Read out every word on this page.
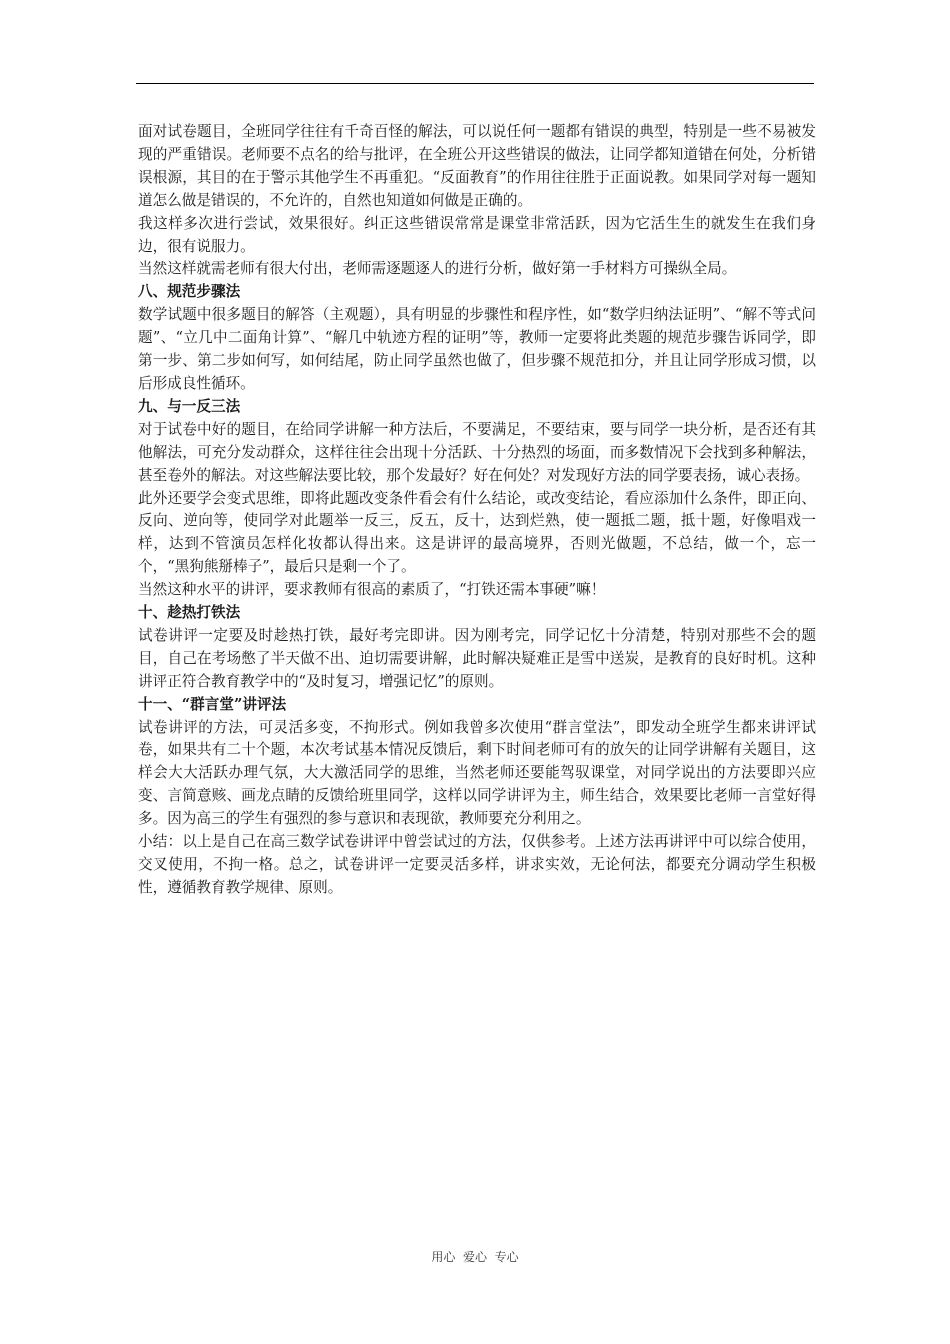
面对试卷题目，全班同学往往有千奇百怪的解法，可以说任何一题都有错误的典型，特别是一些不易被发现的严重错误。老师要不点名的给与批评，在全班公开这些错误的做法，让同学都知道错在何处，分析错误根源，其目的在于警示其他学生不再重犯。“反面教育”的作用往往胜于正面说教。如果同学对每一题知道怎么做是错误的，不允许的，自然也知道如何做是正确的。

我这样多次进行尝试，效果很好。纠正这些错误常常是课堂非常活跃，因为它活生生的就发生在我们身边，很有说服力。

当然这样就需老师有很大付出，老师需逐题逐人的进行分析，做好第一手材料方可操纵全局。

八、规范步骤法

数学试题中很多题目的解答（主观题），具有明显的步骤性和程序性，如“数学归纳法证明”、“解不等式问题”、“立几中二面角计算”、“解几中轨迹方程的证明”等，教师一定要将此类题的规范步骤告诉同学，即第一步、第二步如何写，如何结尾，防止同学虽然也做了，但步骤不规范扣分，并且让同学形成习惯，以后形成良性循环。

九、与一反三法

对于试卷中好的题目，在给同学讲解一种方法后，不要满足，不要结束，要与同学一块分析，是否还有其他解法，可充分发动群众，这样往往会出现十分活跃、十分热烈的场面，而多数情况下会找到多种解法，甚至卷外的解法。对这些解法要比较，那个发最好？好在何处？对发现好方法的同学要表扬，诚心表扬。

此外还要学会变式思维，即将此题改变条件看会有什么结论，或改变结论，看应添加什么条件，即正向、反向、逆向等，使同学对此题举一反三，反五，反十，达到烂熟，使一题抵二题，抵十题，好像唱戏一样，达到不管演员怎样化妆都认得出来。这是讲评的最高境界，否则光做题，不总结，做一个，忘一个，“黑狗熊掰棒子”，最后只是剩一个了。

当然这种水平的讲评，要求教师有很高的素质了，“打铁还需本事硬”嘛！

十、趁热打铁法

试卷讲评一定要及时趁热打铁，最好考完即讲。因为刚考完，同学记忆十分清楚，特别对那些不会的题目，自己在考场憋了半天做不出、迫切需要讲解，此时解决疑难正是雪中送炭，是教育的良好时机。这种讲评正符合教育教学中的“及时复习，增强记忆”的原则。

十一、“群言堂”讲评法

试卷讲评的方法，可灵活多变，不拘形式。例如我曾多次使用“群言堂法”，即发动全班学生都来讲评试卷，如果共有二十个题，本次考试基本情况反馈后，剩下时间老师可有的放矢的让同学讲解有关题目，这样会大大活跃办理气氛，大大激活同学的思维，当然老师还要能驾驭课堂，对同学说出的方法要即兴应变、言简意赅、画龙点睛的反馈给班里同学，这样以同学讲评为主，师生结合，效果要比老师一言堂好得多。因为高三的学生有强烈的参与意识和表现欲，教师要充分利用之。

小结：以上是自己在高三数学试卷讲评中曾尝试过的方法，仅供参考。上述方法再讲评中可以综合使用，交叉使用，不拘一格。总之，试卷讲评一定要灵活多样，讲求实效，无论何法，都要充分调动学生积极性，遵循教育教学规律、原则。

用心  爱心  专心
